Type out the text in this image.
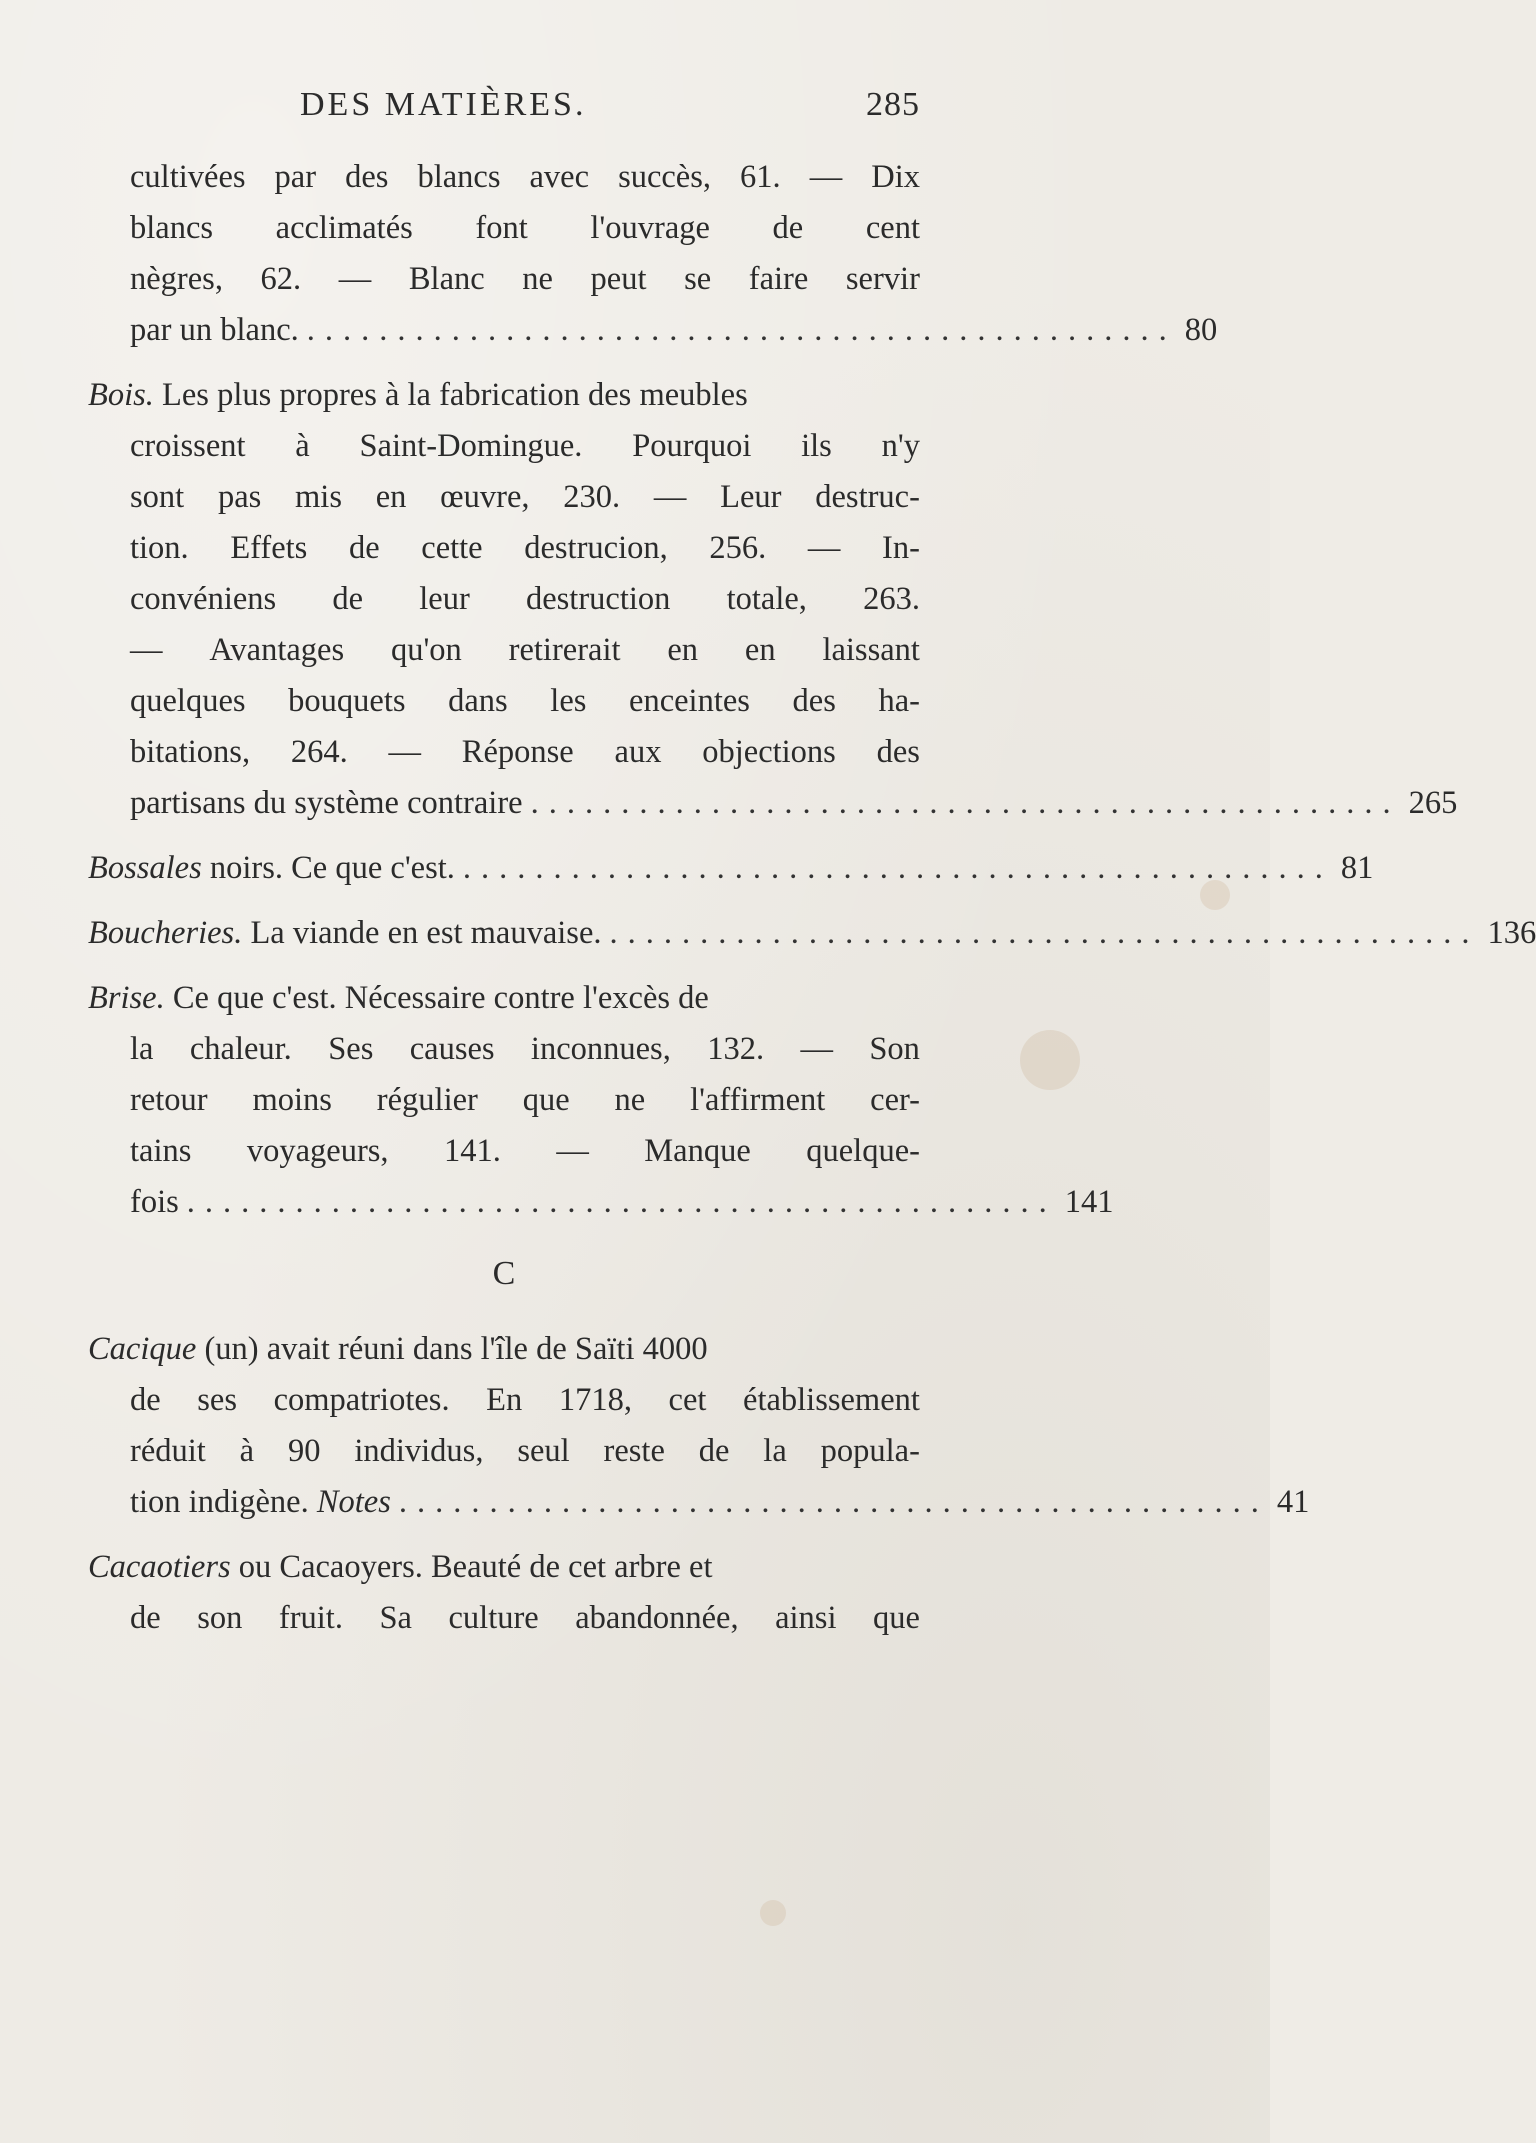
DES MATIÈRES.	285
cultivées par des blancs avec succès, 61. — Dix
blancs acclimatés font l'ouvrage de cent
nègres, 62. — Blanc ne peut se faire servir
par un blanc. ................................................ 80
Bois. Les plus propres à la fabrication des meubles
croissent à Saint-Domingue. Pourquoi ils n'y
sont pas mis en œuvre, 230. — Leur destruc-
tion. Effets de cette destrucion, 256. — In-
convéniens de leur destruction totale, 263.
— Avantages qu'on retirerait en en laissant
quelques bouquets dans les enceintes des ha-
bitations, 264. — Réponse aux objections des
partisans du système contraire ................................................ 265
Bossales noirs. Ce que c'est. ................................................ 81
Boucheries. La viande en est mauvaise. ................................................ 136
Brise. Ce que c'est. Nécessaire contre l'excès de
la chaleur. Ses causes inconnues, 132. — Son
retour moins régulier que ne l'affirment cer-
tains voyageurs, 141. — Manque quelque-
fois ................................................ 141
C
Cacique (un) avait réuni dans l'île de Saïti 4000
de ses compatriotes. En 1718, cet établissement
réduit à 90 individus, seul reste de la popula-
tion indigène. Notes ................................................ 41
Cacaotiers ou Cacaoyers. Beauté de cet arbre et
de son fruit. Sa culture abandonnée, ainsi que
